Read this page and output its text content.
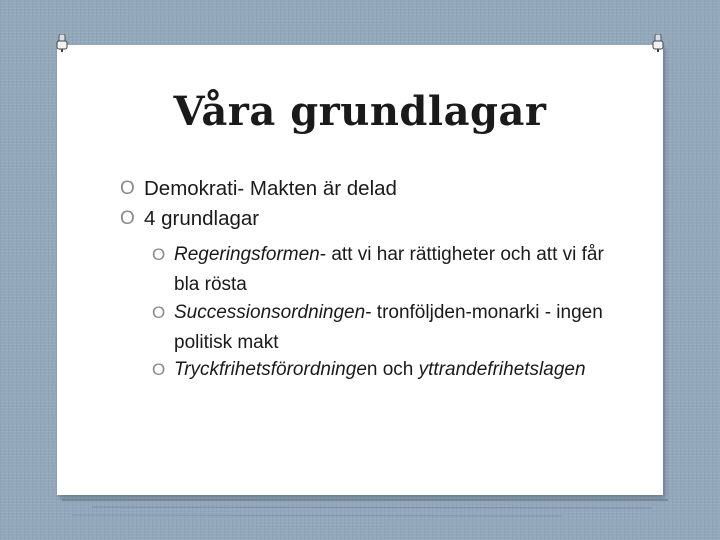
Våra grundlagar
O Demokrati- Makten är delad
O 4 grundlagar
O Regeringsformen- att vi har rättigheter och att vi får bla rösta
O Successionsordningen- tronföljden-monarki - ingen politisk makt
O Tryckfrihetsförordningen och yttrandefrihetslagen
